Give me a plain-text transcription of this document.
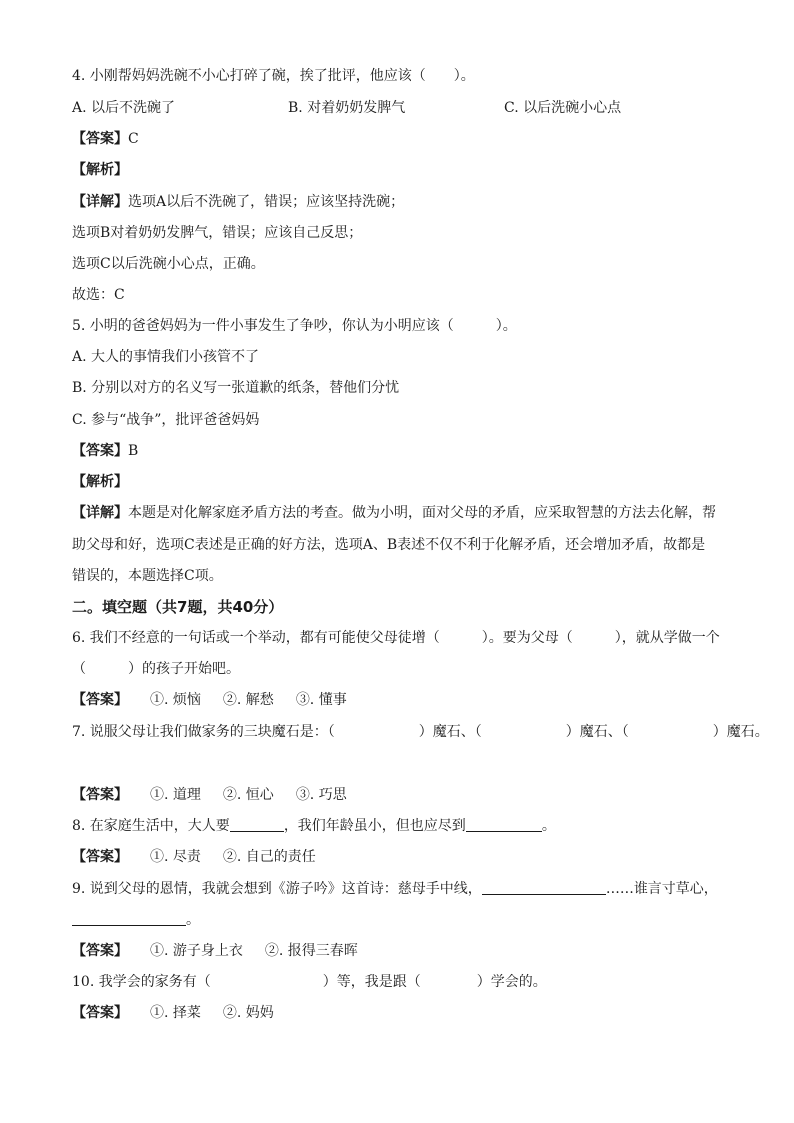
4. 小刚帮妈妈洗碗不小心打碎了碗，挨了批评，他应该（　　）。
A. 以后不洗碗了	B. 对着奶奶发脾气	C. 以后洗碗小心点
【答案】C
【解析】
【详解】选项A以后不洗碗了，错误；应该坚持洗碗；
选项B对着奶奶发脾气，错误；应该自己反思；
选项C以后洗碗小心点，正确。
故选：C
5. 小明的爸爸妈妈为一件小事发生了争吵，你认为小明应该（　　　）。
A. 大人的事情我们小孩管不了
B. 分别以对方的名义写一张道歉的纸条，替他们分忧
C. 参与“战争”，批评爸爸妈妈
【答案】B
【解析】
【详解】本题是对化解家庭矛盾方法的考查。做为小明，面对父母的矛盾，应采取智慧的方法去化解，帮
助父母和好，选项C表述是正确的好方法，选项A、B表述不仅不利于化解矛盾，还会增加矛盾，故都是
错误的，本题选择C项。
二。填空题（共7题，共40分）
6. 我们不经意的一句话或一个举动，都有可能使父母徒增（　　　）。要为父母（　　　），就从学做一个
（　　　）的孩子开始吧。
【答案】 ①. 烦恼 ②. 解愁 ③. 懂事
7. 说服父母让我们做家务的三块魔石是：（　　　　　　）魔石、（　　　　　　）魔石、（　　　　　　）魔石。
【答案】 ①. 道理 ②. 恒心 ③. 巧思
8. 在家庭生活中，大人要	，我们年龄虽小，但也应尽到	。
【答案】 ①. 尽责 ②. 自己的责任
9. 说到父母的恩情，我就会想到《游子吟》这首诗：慈母手中线，	……谁言寸草心，
。
【答案】 ①. 游子身上衣 ②. 报得三春晖
10. 我学会的家务有（　　　　　　　　）等，我是跟（　　　　）学会的。
【答案】 ①. 择菜 ②. 妈妈
